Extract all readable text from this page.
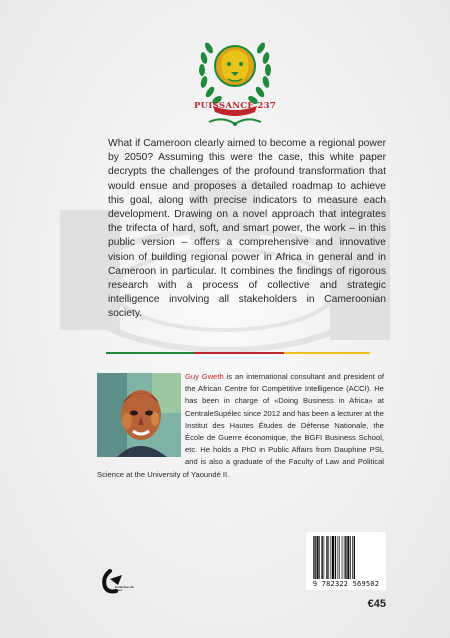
PUISSANCE 237

What if Cameroon clearly aimed to become a regional power by 2050? Assuming this were the case, this white paper decrypts the challenges of the profound transformation that would ensue and proposes a detailed roadmap to achieve this goal, along with precise indicators to measure each development. Drawing on a novel approach that integrates the trifecta of hard, soft, and smart power, the work – in this public version – offers a comprehensive and innovative vision of building regional power in Africa in general and in Cameroon in particular. It combines the findings of rigorous research with a process of collective and strategic intelligence involving all stakeholders in Cameroonian society.

Guy Gweth is an international consultant and president of the African Centre for Competitive Intelligence (ACCI). He has been in charge of «Doing Business in Africa» at CentraleSupélec since 2012 and has been a lecturer at the Institut des Hautes Études de Défense Nationale, the École de Guerre économique, the BGFI Business School, etc. He holds a PhD in Public Affairs from Dauphine PSL and is also a graduate of the Faculty of Law and Political Science at the University of Yaoundé II.

Collection du Livre
9 782322 569502
€45
